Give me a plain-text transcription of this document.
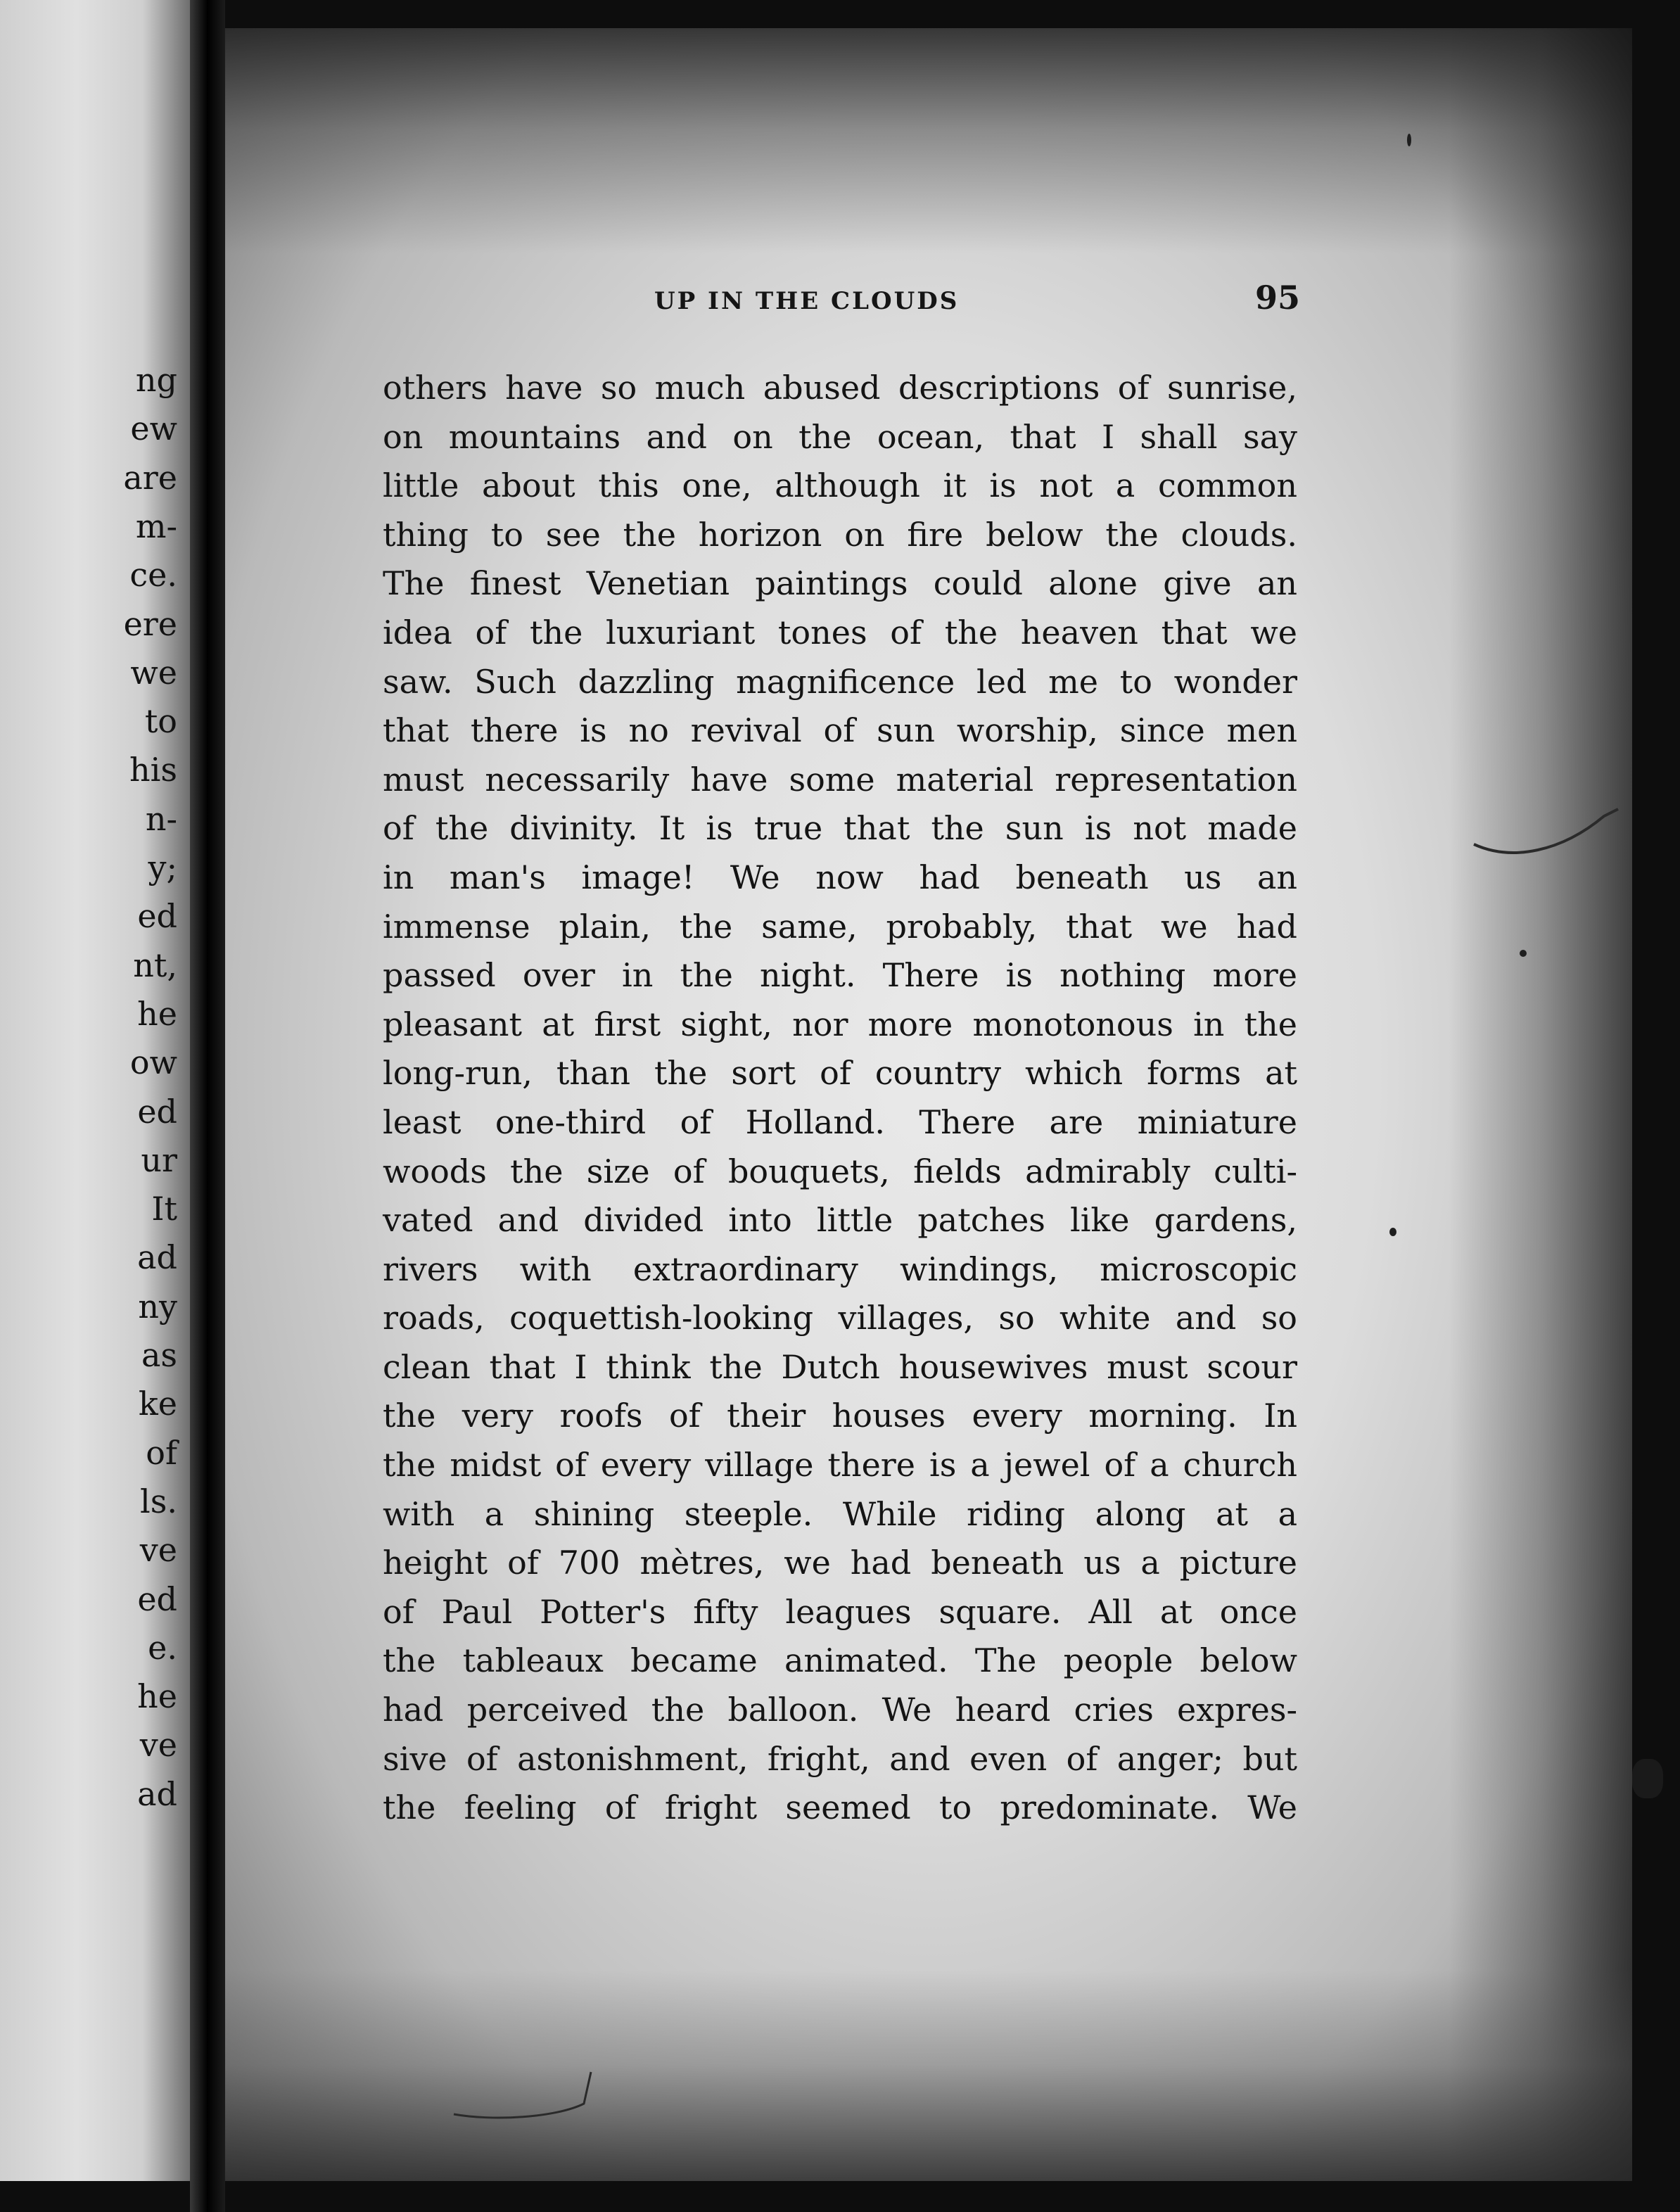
ng
ew
are
m-
ce.
ere
we
to
his
n-
y;
ed
nt,
he
ow
ed
ur
It
ad
ny
as
ke
of
ls.
ve
ed
e.
he
ve
ad
UP IN THE CLOUDS	95
others have so much abused descriptions of sunrise,
on mountains and on the ocean, that I shall say
little about this one, although it is not a common
thing to see the horizon on fire below the clouds.
The finest Venetian paintings could alone give an
idea of the luxuriant tones of the heaven that we
saw. Such dazzling magnificence led me to wonder
that there is no revival of sun worship, since men
must necessarily have some material representation
of the divinity. It is true that the sun is not made
in man's image! We now had beneath us an
immense plain, the same, probably, that we had
passed over in the night. There is nothing more
pleasant at first sight, nor more monotonous in the
long-run, than the sort of country which forms at
least one-third of Holland. There are miniature
woods the size of bouquets, fields admirably culti-
vated and divided into little patches like gardens,
rivers with extraordinary windings, microscopic
roads, coquettish-looking villages, so white and so
clean that I think the Dutch housewives must scour
the very roofs of their houses every morning. In
the midst of every village there is a jewel of a church
with a shining steeple. While riding along at a
height of 700 mètres, we had beneath us a picture
of Paul Potter's fifty leagues square. All at once
the tableaux became animated. The people below
had perceived the balloon. We heard cries expres-
sive of astonishment, fright, and even of anger; but
the feeling of fright seemed to predominate. We
